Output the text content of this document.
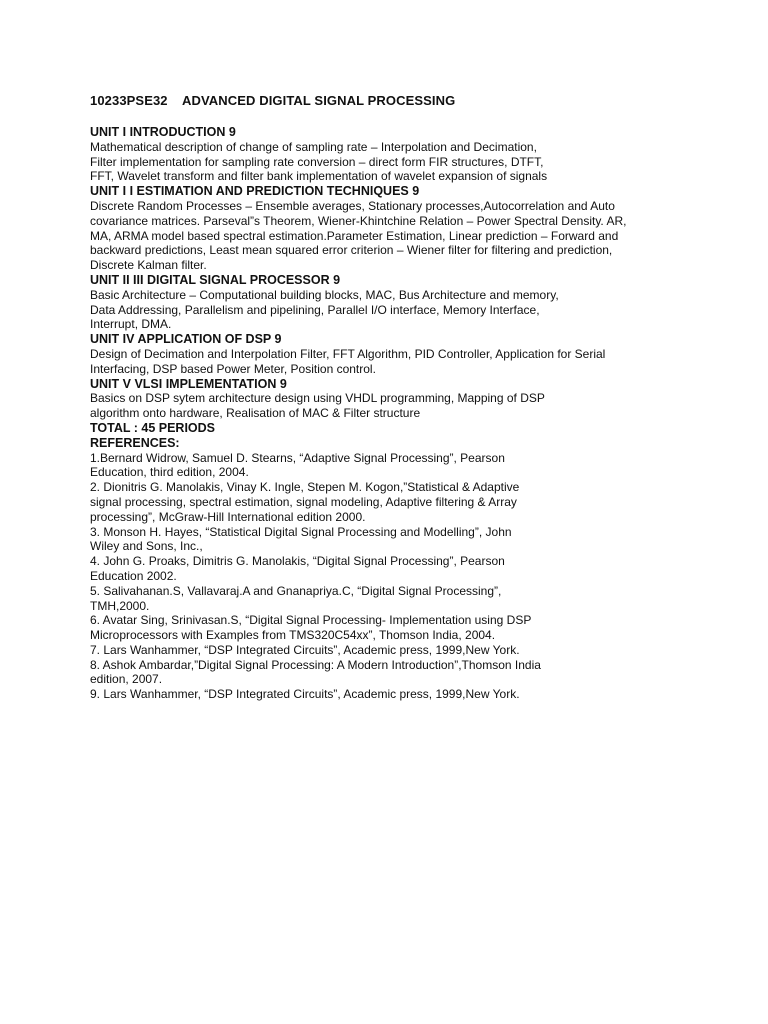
10233PSE32 ADVANCED DIGITAL SIGNAL PROCESSING
UNIT I INTRODUCTION 9
Mathematical description of change of sampling rate – Interpolation and Decimation,
Filter implementation for sampling rate conversion – direct form FIR structures, DTFT,
FFT, Wavelet transform and filter bank implementation of wavelet expansion of signals
UNIT I I ESTIMATION AND PREDICTION TECHNIQUES 9
Discrete Random Processes – Ensemble averages, Stationary processes,Autocorrelation and Auto
covariance matrices. Parseval”s Theorem, Wiener-Khintchine Relation – Power Spectral Density. AR,
MA, ARMA model based spectral estimation.Parameter Estimation, Linear prediction – Forward and
backward predictions, Least mean squared error criterion – Wiener filter for filtering and prediction,
Discrete Kalman filter.
UNIT II III DIGITAL SIGNAL PROCESSOR 9
Basic Architecture – Computational building blocks, MAC, Bus Architecture and memory,
Data Addressing, Parallelism and pipelining, Parallel I/O interface, Memory Interface,
Interrupt, DMA.
UNIT IV APPLICATION OF DSP 9
Design of Decimation and Interpolation Filter, FFT Algorithm, PID Controller, Application for Serial
Interfacing, DSP based Power Meter, Position control.
UNIT V VLSI IMPLEMENTATION 9
Basics on DSP sytem architecture design using VHDL programming, Mapping of DSP
algorithm onto hardware, Realisation of MAC & Filter structure
TOTAL : 45 PERIODS
REFERENCES:
1.Bernard Widrow, Samuel D. Stearns, “Adaptive Signal Processing”, Pearson
Education, third edition, 2004.
2. Dionitris G. Manolakis, Vinay K. Ingle, Stepen M. Kogon,”Statistical & Adaptive
signal processing, spectral estimation, signal modeling, Adaptive filtering & Array
processing”, McGraw-Hill International edition 2000.
3. Monson H. Hayes, “Statistical Digital Signal Processing and Modelling”, John
Wiley and Sons, Inc.,
4. John G. Proaks, Dimitris G. Manolakis, “Digital Signal Processing”, Pearson
Education 2002.
5. Salivahanan.S, Vallavaraj.A and Gnanapriya.C, “Digital Signal Processing”,
TMH,2000.
6. Avatar Sing, Srinivasan.S, “Digital Signal Processing- Implementation using DSP
Microprocessors with Examples from TMS320C54xx”, Thomson India, 2004.
7. Lars Wanhammer, “DSP Integrated Circuits”, Academic press, 1999,New York.
8. Ashok Ambardar,”Digital Signal Processing: A Modern Introduction”,Thomson India
edition, 2007.
9. Lars Wanhammer, “DSP Integrated Circuits”, Academic press, 1999,New York.
